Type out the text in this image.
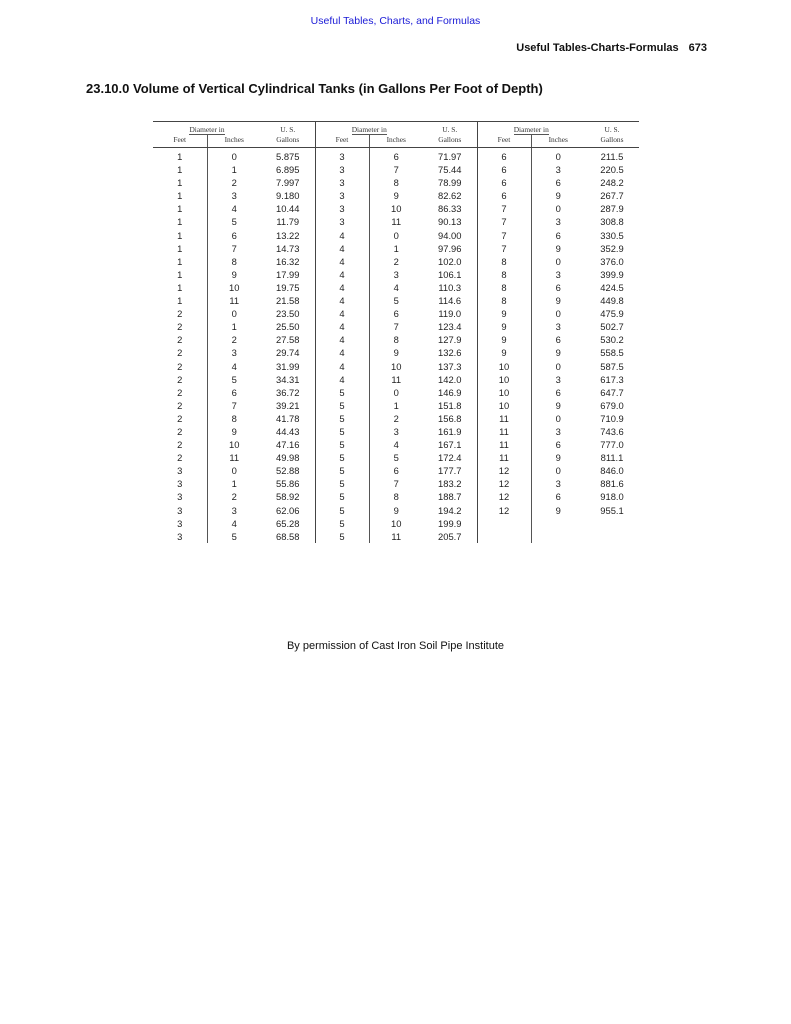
Useful Tables, Charts, and Formulas
Useful Tables-Charts-Formulas 673
23.10.0 Volume of Vertical Cylindrical Tanks (in Gallons Per Foot of Depth)
Diameter in		U. S.	Diameter in		U. S.	Diameter in		U. S.
Feet	Inches	Gallons	Feet	Inches	Gallons	Feet	Inches	Gallons
1	0	5.875	3	6	71.97	6	0	211.5
1	1	6.895	3	7	75.44	6	3	220.5
1	2	7.997	3	8	78.99	6	6	248.2
1	3	9.180	3	9	82.62	6	9	267.7
1	4	10.44	3	10	86.33	7	0	287.9
1	5	11.79	3	11	90.13	7	3	308.8
1	6	13.22	4	0	94.00	7	6	330.5
1	7	14.73	4	1	97.96	7	9	352.9
1	8	16.32	4	2	102.0	8	0	376.0
1	9	17.99	4	3	106.1	8	3	399.9
1	10	19.75	4	4	110.3	8	6	424.5
1	11	21.58	4	5	114.6	8	9	449.8
2	0	23.50	4	6	119.0	9	0	475.9
2	1	25.50	4	7	123.4	9	3	502.7
2	2	27.58	4	8	127.9	9	6	530.2
2	3	29.74	4	9	132.6	9	9	558.5
2	4	31.99	4	10	137.3	10	0	587.5
2	5	34.31	4	11	142.0	10	3	617.3
2	6	36.72	5	0	146.9	10	6	647.7
2	7	39.21	5	1	151.8	10	9	679.0
2	8	41.78	5	2	156.8	11	0	710.9
2	9	44.43	5	3	161.9	11	3	743.6
2	10	47.16	5	4	167.1	11	6	777.0
2	11	49.98	5	5	172.4	11	9	811.1
3	0	52.88	5	6	177.7	12	0	846.0
3	1	55.86	5	7	183.2	12	3	881.6
3	2	58.92	5	8	188.7	12	6	918.0
3	3	62.06	5	9	194.2	12	9	955.1
3	4	65.28	5	10	199.9			
3	5	68.58	5	11	205.7			
By permission of Cast Iron Soil Pipe Institute
